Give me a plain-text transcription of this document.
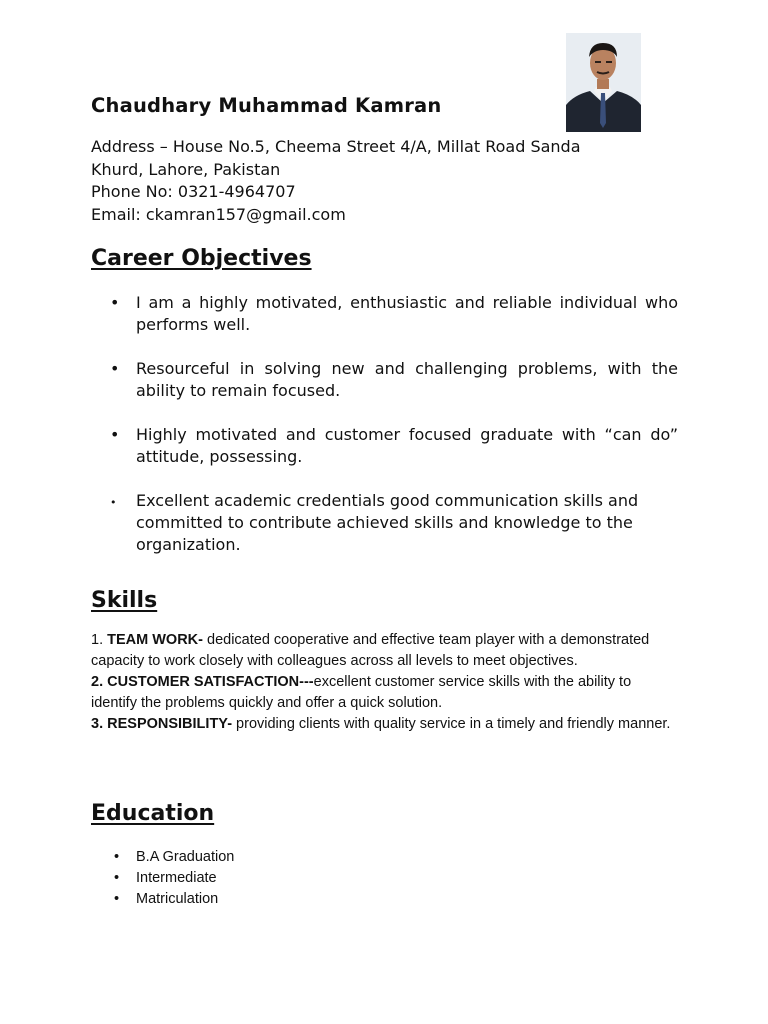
Chaudhary Muhammad Kamran
Address – House No.5, Cheema Street 4/A, Millat Road Sanda
Khurd, Lahore, Pakistan
Phone No: 0321-4964707
Email: ckamran157@gmail.com
Career Objectives
• I am a highly motivated, enthusiastic and reliable individual who performs well.
• Resourceful in solving new and challenging problems, with the ability to remain focused.
• Highly motivated and customer focused graduate with “can do” attitude, possessing.
• Excellent academic credentials good communication skills and committed to contribute achieved skills and knowledge to the organization.
Skills

1. TEAM WORK- dedicated cooperative and effective team player with a demonstrated capacity to work closely with colleagues across all levels to meet objectives.

2. CUSTOMER SATISFACTION---excellent customer service skills with the ability to identify the problems quickly and offer a quick solution.

3. RESPONSIBILITY- providing clients with quality service in a timely and friendly manner.

Education
• B.A Graduation
• Intermediate
• Matriculation
